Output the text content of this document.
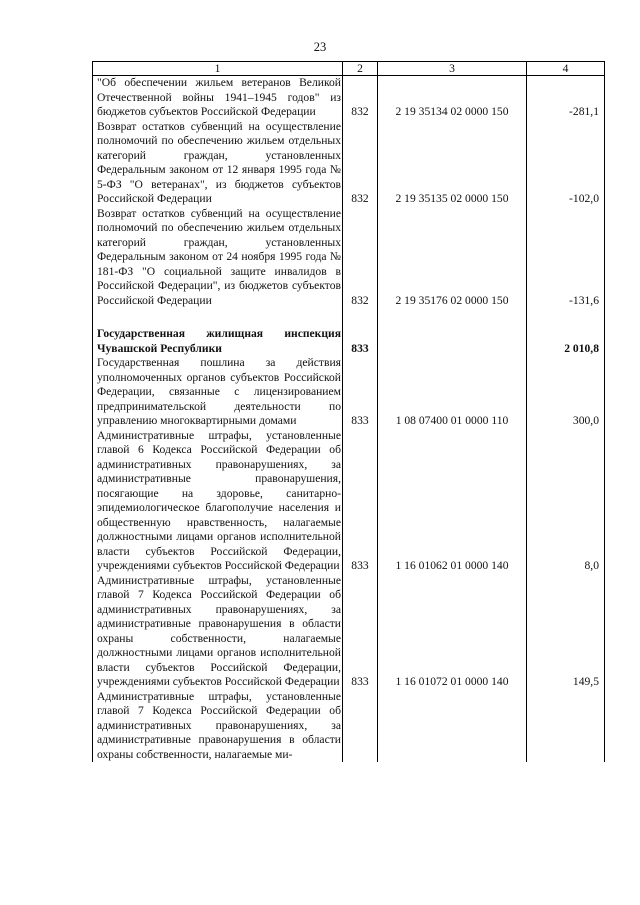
23
1	2	3	4
"Об обеспечении жильем ветеранов Великой Отечественной войны 1941–1945 годов" из бюджетов субъектов Российской Федерации	832	2 19 35134 02 0000 150	-281,1
Возврат остатков субвенций на осуществление полномочий по обеспечению жильем отдельных категорий граждан, установленных Федеральным законом от 12 января 1995 года № 5-ФЗ "О ветеранах", из бюджетов субъектов Российской Федерации	832	2 19 35135 02 0000 150	-102,0
Возврат остатков субвенций на осуществление полномочий по обеспечению жильем отдельных категорий граждан, установленных Федеральным законом от 24 ноября 1995 года № 181-ФЗ "О социальной защите инвалидов в Российской Федерации", из бюджетов субъектов Российской Федерации	832	2 19 35176 02 0000 150	-131,6

Государственная жилищная инспекция Чувашской Республики	833		2 010,8
Государственная пошлина за действия уполномоченных органов субъектов Российской Федерации, связанные с лицензированием предпринимательской деятельности по управлению многоквартирными домами	833	1 08 07400 01 0000 110	300,0
Административные штрафы, установленные главой 6 Кодекса Российской Федерации об административных правонарушениях, за административные правонарушения, посягающие на здоровье, санитарно-эпидемиологическое благополучие населения и общественную нравственность, налагаемые должностными лицами органов исполнительной власти субъектов Российской Федерации, учреждениями субъектов Российской Федерации	833	1 16 01062 01 0000 140	8,0
Административные штрафы, установленные главой 7 Кодекса Российской Федерации об административных правонарушениях, за административные правонарушения в области охраны собственности, налагаемые должностными лицами органов исполнительной власти субъектов Российской Федерации, учреждениями субъектов Российской Федерации	833	1 16 01072 01 0000 140	149,5
Административные штрафы, установленные главой 7 Кодекса Российской Федерации об административных правонарушениях, за административные правонарушения в области охраны собственности, налагаемые ми-			
